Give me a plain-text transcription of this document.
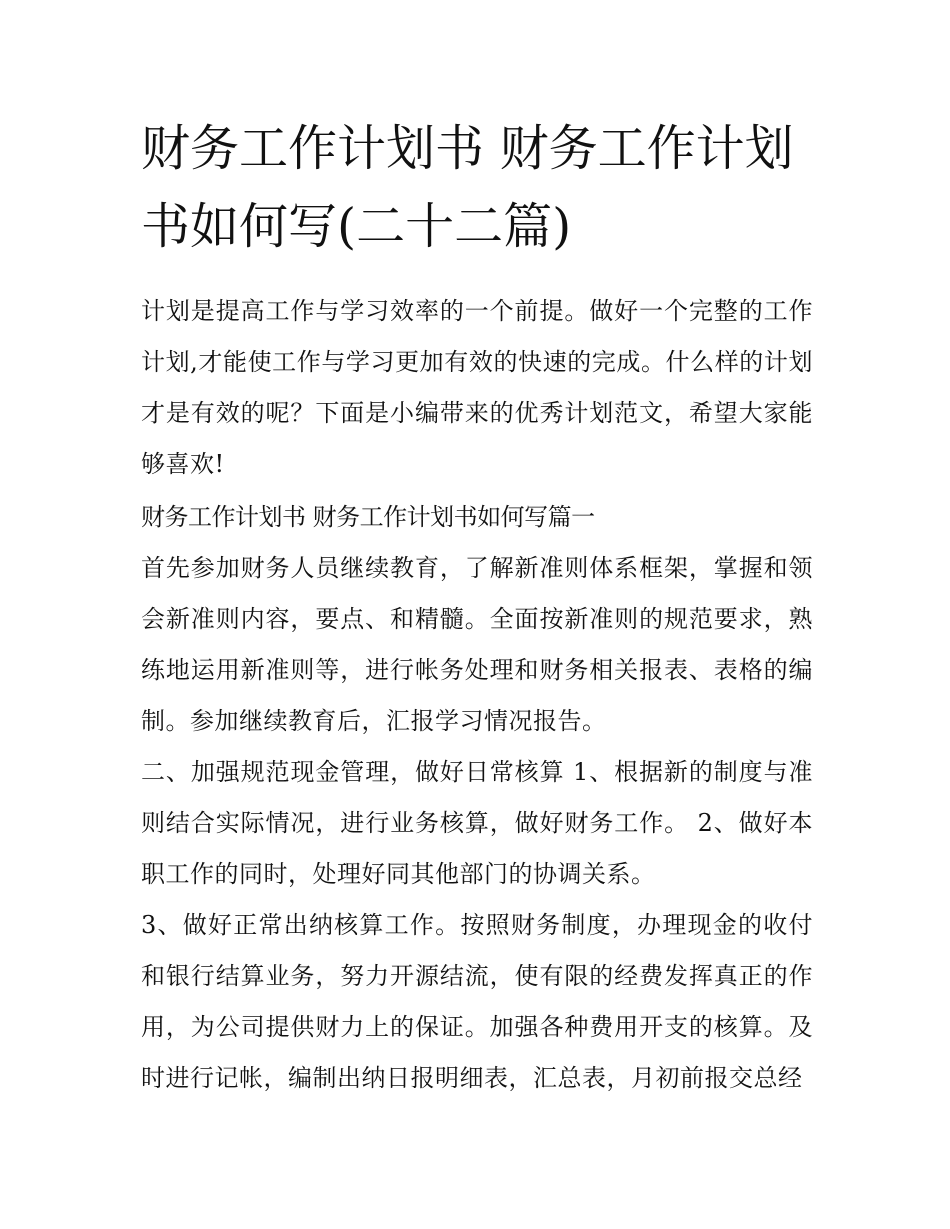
财务工作计划书 财务工作计划书如何写(二十二篇)

计划是提高工作与学习效率的一个前提。做好一个完整的工作计划,才能使工作与学习更加有效的快速的完成。什么样的计划才是有效的呢？下面是小编带来的优秀计划范文，希望大家能够喜欢!

财务工作计划书 财务工作计划书如何写篇一

首先参加财务人员继续教育，了解新准则体系框架，掌握和领会新准则内容，要点、和精髓。全面按新准则的规范要求，熟练地运用新准则等，进行帐务处理和财务相关报表、表格的编制。参加继续教育后，汇报学习情况报告。

二、加强规范现金管理，做好日常核算 1、根据新的制度与准则结合实际情况，进行业务核算，做好财务工作。 2、做好本职工作的同时，处理好同其他部门的协调关系。

3、做好正常出纳核算工作。按照财务制度，办理现金的收付和银行结算业务，努力开源结流，使有限的经费发挥真正的作用，为公司提供财力上的保证。加强各种费用开支的核算。及时进行记帐，编制出纳日报明细表，汇总表，月初前报交总经
